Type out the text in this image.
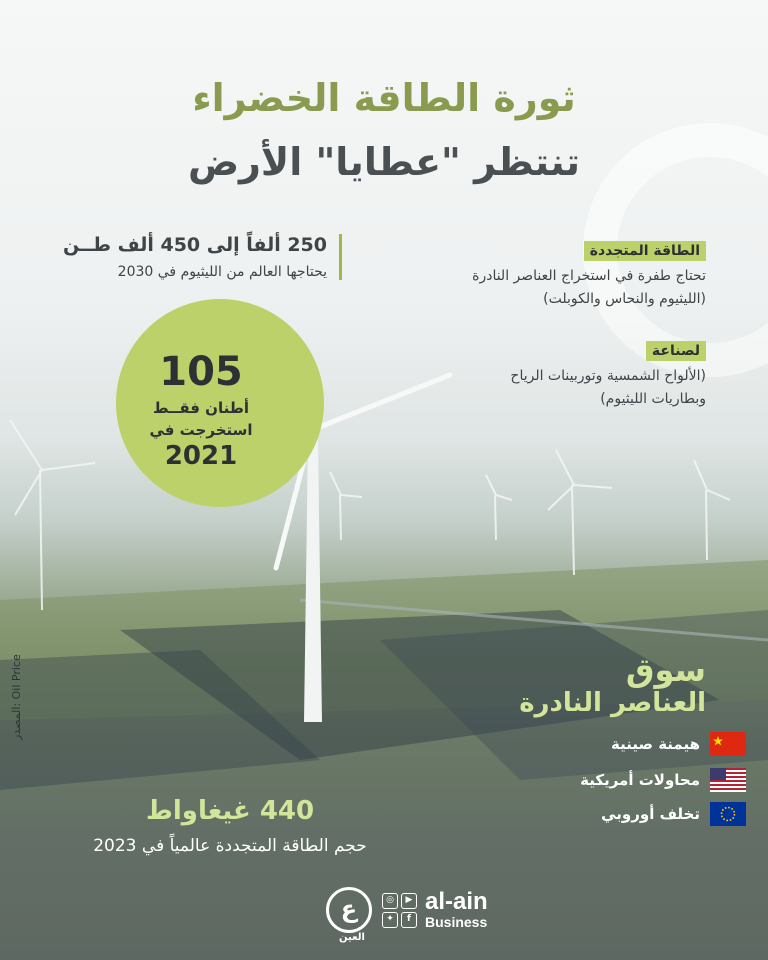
ثورة الطاقة الخضراء
تنتظر "عطايا" الأرض
250 ألفاً إلى 450 ألف طــن
يحتاجها العالم من الليثيوم في 2030
105
أطنان فقــط
استخرجت في
2021
الطاقة المتجددة
تحتاج طفرة في استخراج العناصر النادرة
(الليثيوم والنحاس والكوبلت)
لصناعة
(الألواح الشمسية وتوربينات الرياح
وبطاريات الليثيوم)
المصدر: Oil Price	سوق
العناصر النادرة
هيمنة صينية
محاولات أمريكية
تخلف أوروبي
440 غيغاواط
حجم الطاقة المتجددة عالمياً في 2023
ع
العين
◎	▶
✦	f
al-ain
Business
